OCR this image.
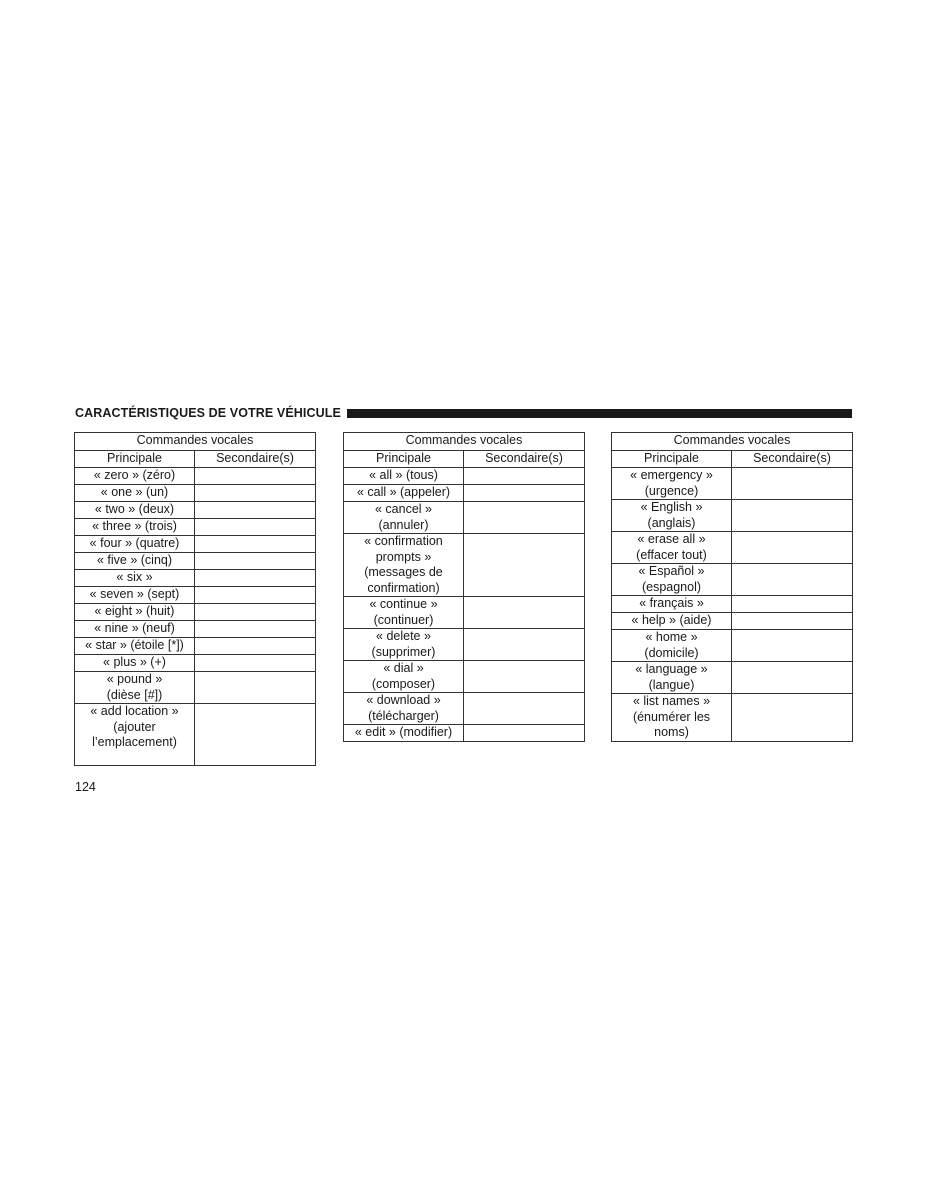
CARACTÉRISTIQUES DE VOTRE VÉHICULE
Commandes vocales	
Principale	Secondaire(s)

« zero » (zéro)	

« one » (un)	

« two » (deux)	

« three » (trois)	

« four » (quatre)	

« five » (cinq)	

« six »	

« seven » (sept)	

« eight » (huit)	

« nine » (neuf)	

« star » (étoile [*])	

« plus » (+)	

« pound »
(dièse [#])	

« add location »
(ajouter
l’emplacement)	

Commandes vocales	
Principale	Secondaire(s)

« all » (tous)	

« call » (appeler)	

« cancel »
(annuler)	

« confirmation
prompts »
(messages de
confirmation)	

« continue »
(continuer)	

« delete »
(supprimer)	

« dial »
(composer)	

« download »
(télécharger)	

« edit » (modifier)	

Commandes vocales	
Principale	Secondaire(s)

« emergency »
(urgence)	

« English »
(anglais)	

« erase all »
(effacer tout)	

« Español »
(espagnol)	

« français »	

« help » (aide)	

« home »
(domicile)	

« language »
(langue)	

« list names »
(énumérer les
noms)	

124
